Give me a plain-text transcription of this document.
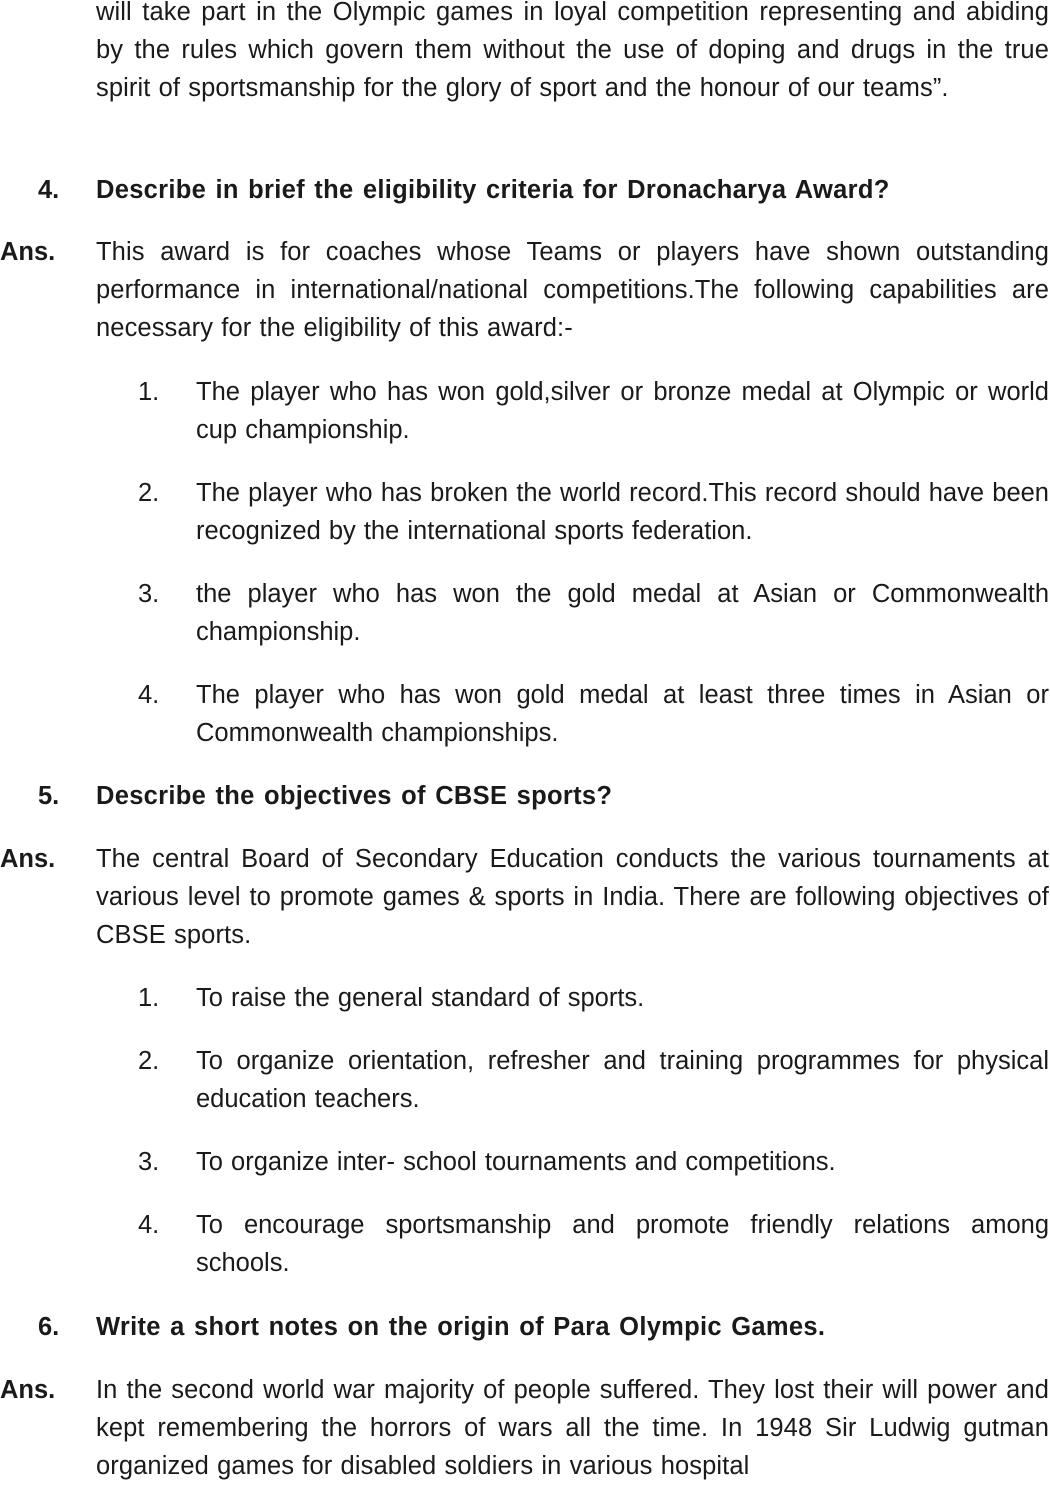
will take part in the Olympic games in loyal competition representing and abiding by the rules which govern them without the use of doping and drugs in the true spirit of sportsmanship for the glory of sport and the honour of our teams”.
4. Describe in brief the eligibility criteria for Dronacharya Award?
Ans. This award is for coaches whose Teams or players have shown outstanding performance in international/national competitions.The following capabilities are necessary for the eligibility of this award:-
1. The player who has won gold,silver or bronze medal at Olympic or world cup championship.
2. The player who has broken the world record.This record should have been recognized by the international sports federation.
3. the player who has won the gold medal at Asian or Commonwealth championship.
4. The player who has won gold medal at least three times in Asian or Commonwealth championships.
5. Describe the objectives of CBSE sports?
Ans. The central Board of Secondary Education conducts the various tournaments at various level to promote games & sports in India. There are following objectives of CBSE sports.
1. To raise the general standard of sports.
2. To organize orientation, refresher and training programmes for physical education teachers.
3. To organize inter- school tournaments and competitions.
4. To encourage sportsmanship and promote friendly relations among schools.
6. Write a short notes on the origin of Para Olympic Games.
Ans. In the second world war majority of people suffered. They lost their will power and kept remembering the horrors of wars all the time. In 1948 Sir Ludwig gutman organized games for disabled soldiers in various hospital
